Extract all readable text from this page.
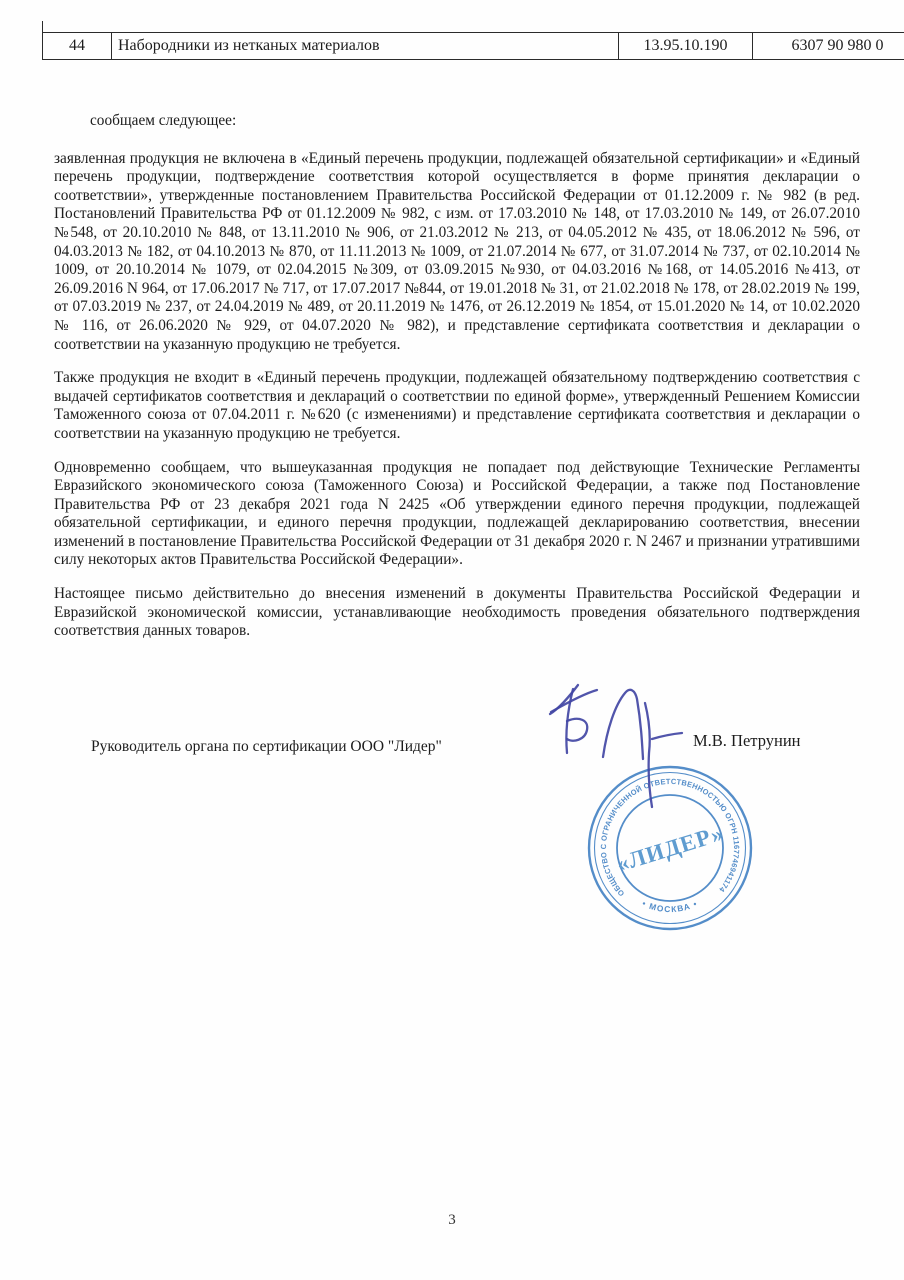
44	Набородники из нетканых материалов	13.95.10.190	6307 90 980 0

сообщаем следующее:

заявленная продукция не включена в «Единый перечень продукции, подлежащей обязательной сертификации» и «Единый перечень продукции, подтверждение соответствия которой осуществляется в форме принятия декларации о соответствии», утвержденные постановлением Правительства Российской Федерации от 01.12.2009 г. № 982 (в ред. Постановлений Правительства РФ от 01.12.2009 № 982, с изм. от 17.03.2010 № 148, от 17.03.2010 № 149, от 26.07.2010 №548, от 20.10.2010 № 848, от 13.11.2010 № 906, от 21.03.2012 № 213, от 04.05.2012 № 435, от 18.06.2012 № 596, от 04.03.2013 № 182, от 04.10.2013 № 870, от 11.11.2013 № 1009, от 21.07.2014 № 677, от 31.07.2014 № 737, от 02.10.2014 № 1009, от 20.10.2014 № 1079, от 02.04.2015 №309, от 03.09.2015 №930, от 04.03.2016 №168, от 14.05.2016 №413, от 26.09.2016 N 964, от 17.06.2017 № 717, от 17.07.2017 №844, от 19.01.2018 № 31, от 21.02.2018 № 178, от 28.02.2019 № 199, от 07.03.2019 № 237, от 24.04.2019 № 489, от 20.11.2019 № 1476, от 26.12.2019 № 1854, от 15.01.2020 № 14, от 10.02.2020 № 116, от 26.06.2020 № 929, от 04.07.2020 № 982), и представление сертификата соответствия и декларации о соответствии на указанную продукцию не требуется.

Также продукция не входит в «Единый перечень продукции, подлежащей обязательному подтверждению соответствия с выдачей сертификатов соответствия и деклараций о соответствии по единой форме», утвержденный Решением Комиссии Таможенного союза от 07.04.2011 г. №620 (с изменениями) и представление сертификата соответствия и декларации о соответствии на указанную продукцию не требуется.

Одновременно сообщаем, что вышеуказанная продукция не попадает под действующие Технические Регламенты Евразийского экономического союза (Таможенного Союза) и Российской Федерации, а также под Постановление Правительства РФ от 23 декабря 2021 года N 2425 «Об утверждении единого перечня продукции, подлежащей обязательной сертификации, и единого перечня продукции, подлежащей декларированию соответствия, внесении изменений в постановление Правительства Российской Федерации от 31 декабря 2020 г. N 2467 и признании утратившими силу некоторых актов Правительства Российской Федерации».

Настоящее письмо действительно до внесения изменений в документы Правительства Российской Федерации и Евразийской экономической комиссии, устанавливающие необходимость проведения обязательного подтверждения соответствия данных товаров.

Руководитель органа по сертификации ООО "Лидер"	М.В. Петрунин
ОБЩЕСТВО С ОГРАНИЧЕННОЙ ОТВЕТСТВЕННОСТЬЮ ОГРН 1167746941174
• МОСКВА •
«ЛИДЕР»
3
